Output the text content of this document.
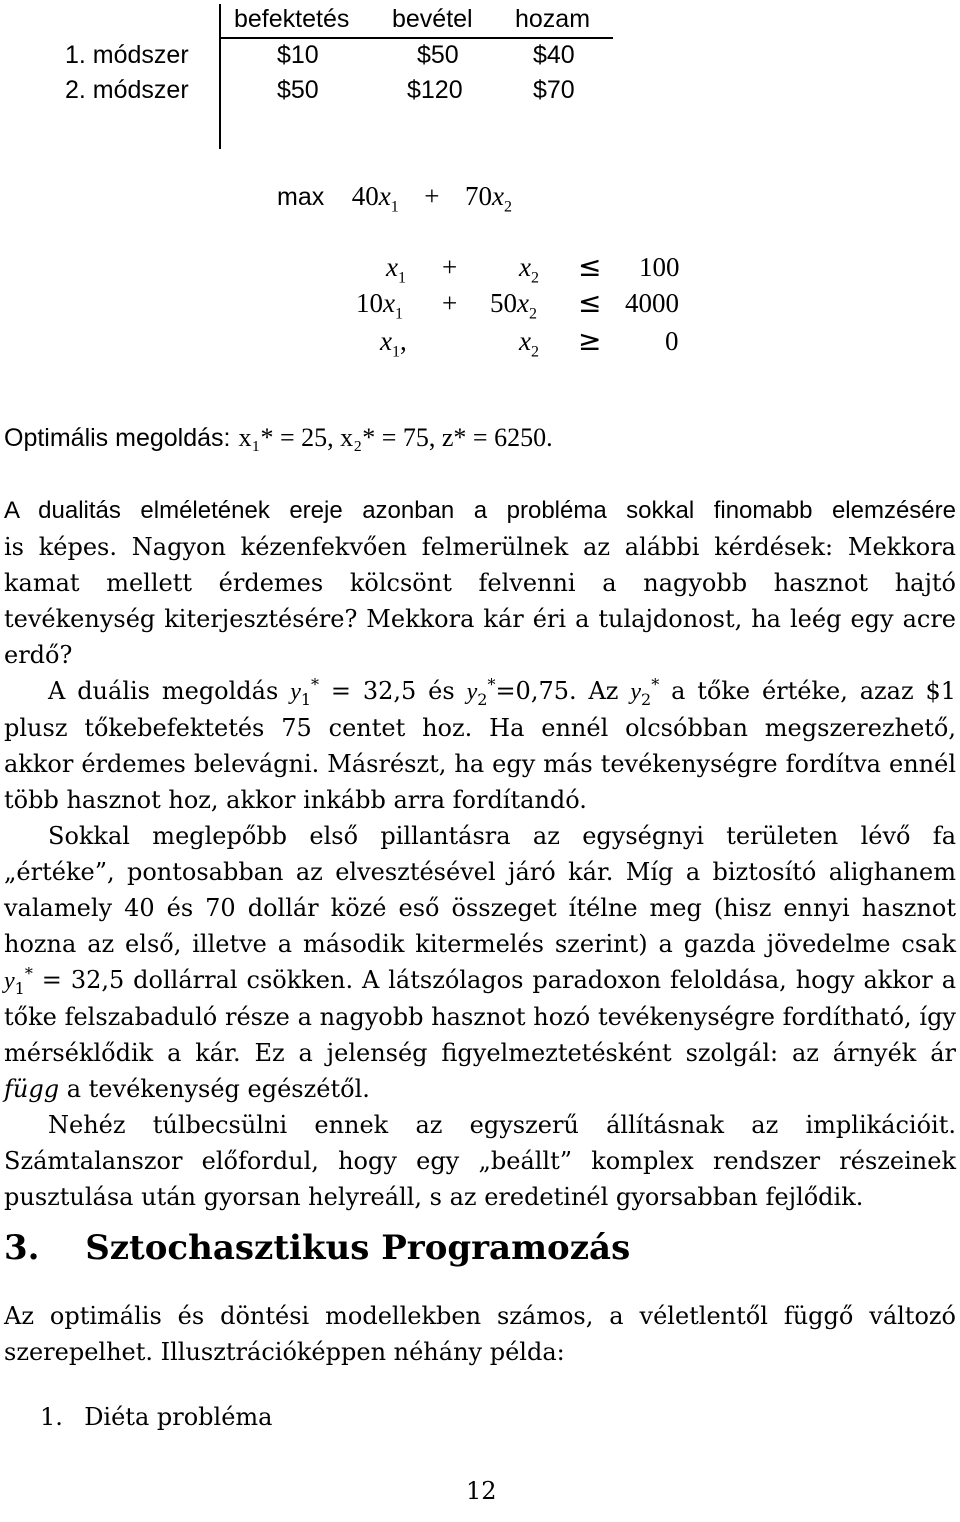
befektetés bevétel hozam
1. módszer	$10	$50	$40
2. módszer	$50	$120	$70
$\max 40x_1 + 70x_2$
$x_1 + x_2 \le 100$
$10x_1 + 50x_2 \le 4000$
$x_1$,	$x_2 \ge 0$
Optimális megoldás: x₁* = 25, x₂* = 75, z* = 6250.

A dualitás elméletének ereje azonban a probléma sokkal finomabb elemzésére

is képes. Nagyon kézenfekvően felmerülnek az alábbi kérdések: Mekkora kamat mellett érdemes kölcsönt felvenni a nagyobb hasznot hajtó tevékenység kiterjesztésére? Mekkora kár éri a tulajdonost, ha leég egy acre erdő?

A duális megoldás $y_1^* = 32,5$ és $y_2^*=0,75$. Az $y_2^*$ a tőke értéke, azaz $1 plusz tőkebefektetés 75 centet hoz. Ha ennél olcsóbban megszerezhető, akkor érdemes belevágni. Másrészt, ha egy más tevékenységre fordítva ennél több hasznot hoz, akkor inkább arra fordítandó.

Sokkal meglepőbb első pillantásra az egységnyi területen lévő fa „értéke”, pontosabban az elvesztésével járó kár. Míg a biztosító alighanem valamely 40 és 70 dollár közé eső összeget ítélne meg (hisz ennyi hasznot hozna az első, illetve a második kitermelés szerint) a gazda jövedelme csak $y_1^* = 32,5$ dollárral csökken. A látszólagos paradoxon feloldása, hogy akkor a tőke felszabaduló része a nagyobb hasznot hozó tevékenységre fordítható, így mérséklődik a kár. Ez a jelenség figyelmeztetésként szolgál: az árnyék ár függ a tevékenység egészétől.

Nehéz túlbecsülni ennek az egyszerű állításnak az implikációit. Számtalanszor előfordul, hogy egy „beállt” komplex rendszer részeinek pusztulása után gyorsan helyreáll, s az eredetinél gyorsabban fejlődik.

3. Sztochasztikus Programozás

Az optimális és döntési modellekben számos, a véletlentől függő változó szerepelhet. Illusztrációképpen néhány példa:

1. Diéta probléma
12
